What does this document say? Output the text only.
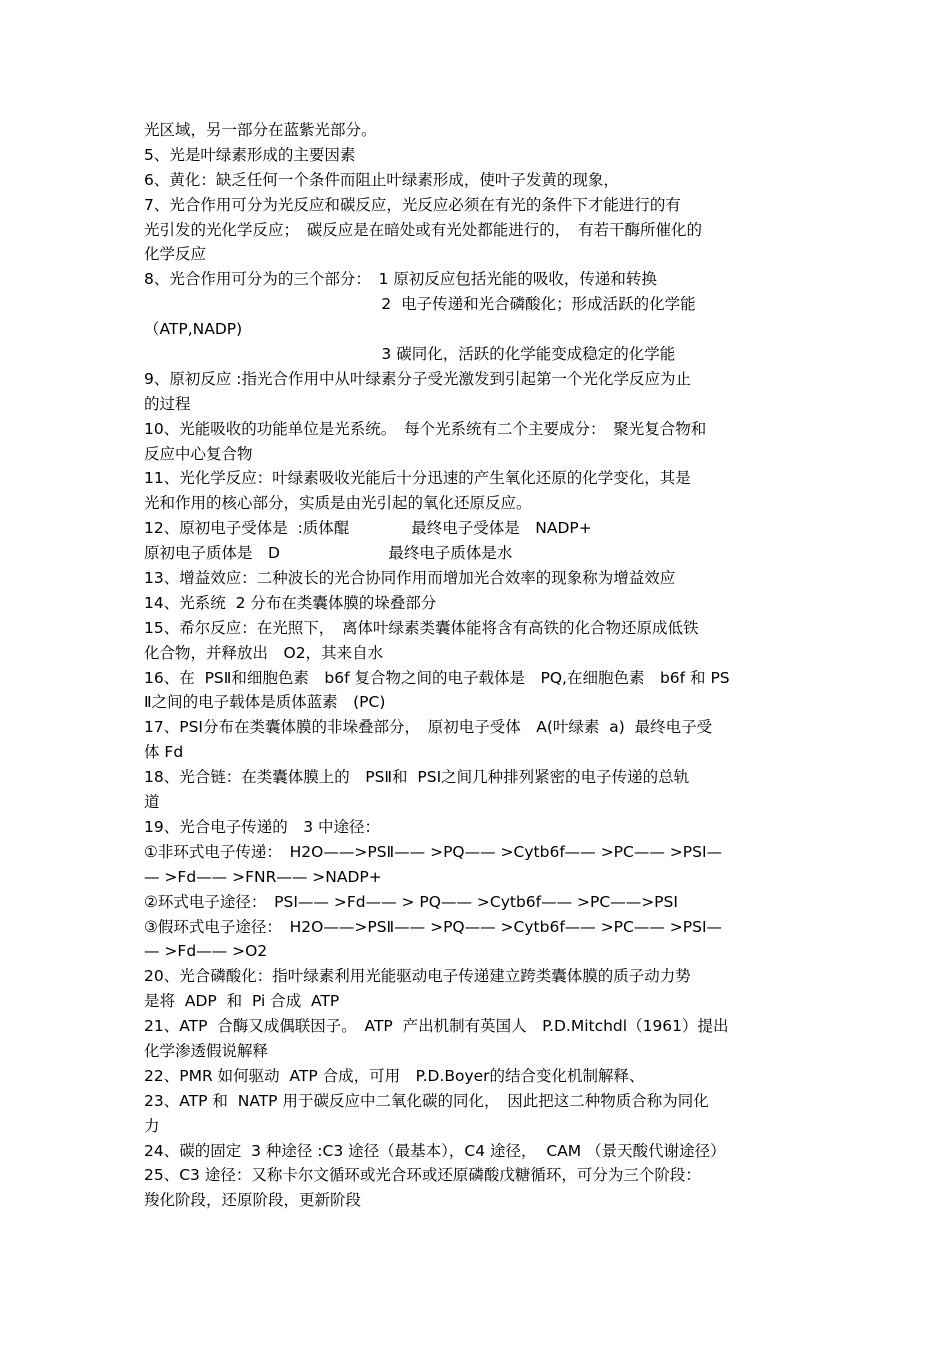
光区域，另一部分在蓝紫光部分。
5、光是叶绿素形成的主要因素
6、黄化：缺乏任何一个条件而阻止叶绿素形成，使叶子发黄的现象，
7、光合作用可分为光反应和碳反应，光反应必须在有光的条件下才能进行的有
光引发的光化学反应；　碳反应是在暗处或有光处都能进行的，　有若干酶所催化的
化学反应
8、光合作用可分为的三个部分：　1 原初反应包括光能的吸收，传递和转换
　　　　　　　　　　　　　　　 2  电子传递和光合磷酸化；形成活跃的化学能
（ATP,NADP)
　　　　　　　　　　　　　　　 3 碳同化，活跃的化学能变成稳定的化学能
9、原初反应 :指光合作用中从叶绿素分子受光激发到引起第一个光化学反应为止
的过程
10、光能吸收的功能单位是光系统。　每个光系统有二个主要成分：　聚光复合物和
反应中心复合物
11、光化学反应：叶绿素吸收光能后十分迅速的产生氧化还原的化学变化，其是
光和作用的核心部分，实质是由光引起的氧化还原反应。
12、原初电子受体是  :质体醌　　　　最终电子受体是　NADP+
原初电子质体是　D　　　　　　　最终电子质体是水
13、增益效应：二种波长的光合协同作用而增加光合效率的现象称为增益效应
14、光系统  2 分布在类囊体膜的垛叠部分
15、希尔反应：在光照下，　离体叶绿素类囊体能将含有高铁的化合物还原成低铁
化合物，并释放出　O2，其来自水
16、在  PSⅡ和细胞色素　b6f 复合物之间的电子载体是　PQ,在细胞色素　b6f 和 PS
Ⅱ之间的电子载体是质体蓝素　(PC)
17、PSⅠ分布在类囊体膜的非垛叠部分，　原初电子受体　A(叶绿素  a)  最终电子受
体 Fd
18、光合链：在类囊体膜上的　PSⅡ和  PSⅠ之间几种排列紧密的电子传递的总轨
道
19、光合电子传递的　3 中途径：
①非环式电子传递：　H2O——>PSⅡ—— >PQ—— >Cytb6f—— >PC—— >PSⅠ—
— >Fd—— >FNR—— >NADP+
②环式电子途径：　PSⅠ—— >Fd—— > PQ—— >Cytb6f—— >PC——>PSⅠ
③假环式电子途径：　H2O——>PSⅡ—— >PQ—— >Cytb6f—— >PC—— >PSⅠ—
— >Fd—— >O2
20、光合磷酸化：指叶绿素利用光能驱动电子传递建立跨类囊体膜的质子动力势
是将  ADP  和  Pi 合成  ATP
21、ATP  合酶又成偶联因子。　ATP  产出机制有英国人　P.D.Mitchdl（1961）提出
化学渗透假说解释
22、PMR 如何驱动  ATP 合成，可用　P.D.Boyer的结合变化机制解释、
23、ATP 和  NATP 用于碳反应中二氧化碳的同化，　因此把这二种物质合称为同化
力
24、碳的固定  3 种途径 :C3 途径（最基本），C4 途径，  CAM （景天酸代谢途径）
25、C3 途径：又称卡尔文循环或光合环或还原磷酸戊糖循环，可分为三个阶段：
羧化阶段，还原阶段，更新阶段
